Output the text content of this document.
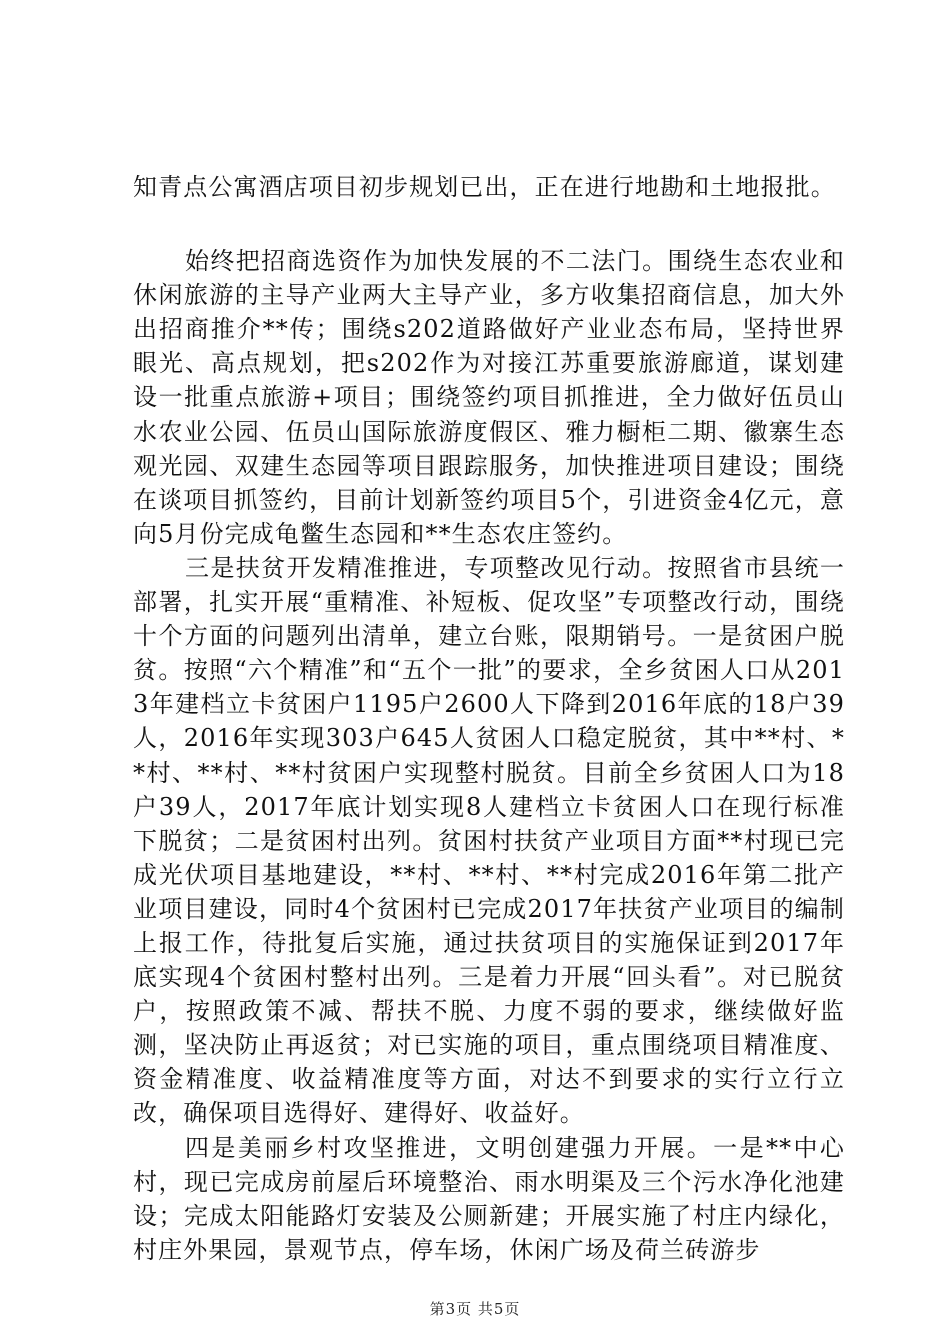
知青点公寓酒店项目初步规划已出，正在进行地勘和土地报批。

始终把招商选资作为加快发展的不二法门。围绕生态农业和休闲旅游的主导产业两大主导产业，多方收集招商信息，加大外出招商推介**传；围绕s202道路做好产业业态布局，坚持世界眼光、高点规划，把s202作为对接江苏重要旅游廊道，谋划建设一批重点旅游+项目；围绕签约项目抓推进，全力做好伍员山水农业公园、伍员山国际旅游度假区、雅力橱柜二期、徽寨生态观光园、双建生态园等项目跟踪服务，加快推进项目建设；围绕在谈项目抓签约，目前计划新签约项目5个，引进资金4亿元，意向5月份完成龟鳖生态园和**生态农庄签约。

三是扶贫开发精准推进，专项整改见行动。按照省市县统一部署，扎实开展“重精准、补短板、促攻坚”专项整改行动，围绕十个方面的问题列出清单，建立台账，限期销号。一是贫困户脱贫。按照“六个精准”和“五个一批”的要求，全乡贫困人口从2013年建档立卡贫困户1195户2600人下降到2016年底的18户39人，2016年实现303户645人贫困人口稳定脱贫，其中**村、**村、**村、**村贫困户实现整村脱贫。目前全乡贫困人口为18户39人，2017年底计划实现8人建档立卡贫困人口在现行标准下脱贫；二是贫困村出列。贫困村扶贫产业项目方面**村现已完成光伏项目基地建设，**村、**村、**村完成2016年第二批产业项目建设，同时4个贫困村已完成2017年扶贫产业项目的编制上报工作，待批复后实施，通过扶贫项目的实施保证到2017年底实现4个贫困村整村出列。三是着力开展“回头看”。对已脱贫户，按照政策不减、帮扶不脱、力度不弱的要求，继续做好监测，坚决防止再返贫；对已实施的项目，重点围绕项目精准度、资金精准度、收益精准度等方面，对达不到要求的实行立行立改，确保项目选得好、建得好、收益好。

四是美丽乡村攻坚推进，文明创建强力开展。一是**中心村，现已完成房前屋后环境整治、雨水明渠及三个污水净化池建设；完成太阳能路灯安装及公厕新建；开展实施了村庄内绿化，村庄外果园，景观节点，停车场，休闲广场及荷兰砖游步

第3页 共5页
